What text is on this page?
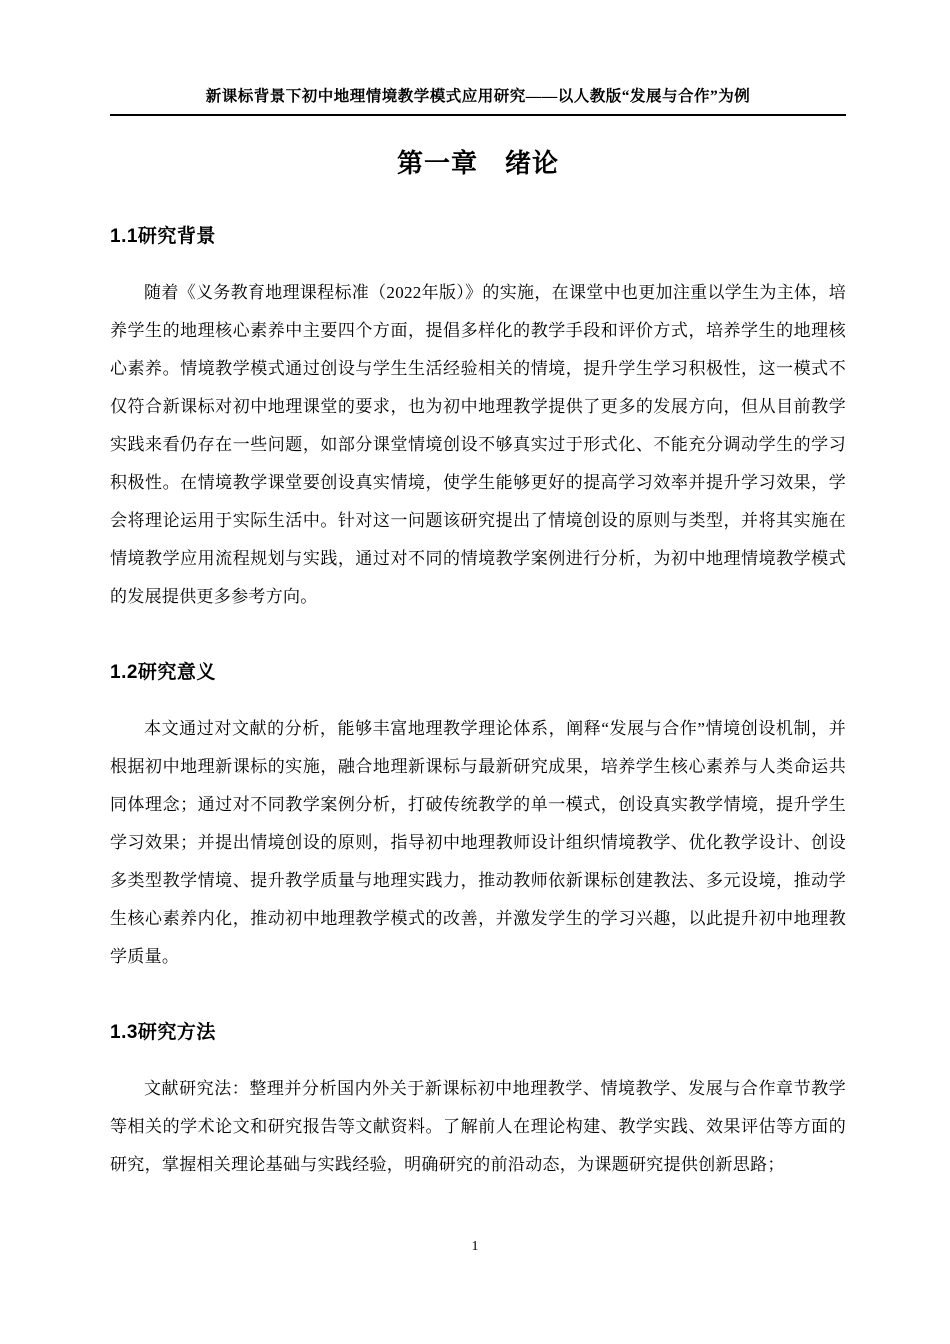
新课标背景下初中地理情境教学模式应用研究——以人教版“发展与合作”为例
第一章　绪论
1.1研究背景

随着《义务教育地理课程标准（2022年版）》的实施，在课堂中也更加注重以学生为主体，培养学生的地理核心素养中主要四个方面，提倡多样化的教学手段和评价方式，培养学生的地理核心素养。情境教学模式通过创设与学生生活经验相关的情境，提升学生学习积极性，这一模式不仅符合新课标对初中地理课堂的要求，也为初中地理教学提供了更多的发展方向，但从目前教学实践来看仍存在一些问题，如部分课堂情境创设不够真实过于形式化、不能充分调动学生的学习积极性。在情境教学课堂要创设真实情境，使学生能够更好的提高学习效率并提升学习效果，学会将理论运用于实际生活中。针对这一问题该研究提出了情境创设的原则与类型，并将其实施在情境教学应用流程规划与实践，通过对不同的情境教学案例进行分析，为初中地理情境教学模式的发展提供更多参考方向。

1.2研究意义

本文通过对文献的分析，能够丰富地理教学理论体系，阐释“发展与合作”情境创设机制，并根据初中地理新课标的实施，融合地理新课标与最新研究成果，培养学生核心素养与人类命运共同体理念；通过对不同教学案例分析，打破传统教学的单一模式，创设真实教学情境，提升学生学习效果；并提出情境创设的原则，指导初中地理教师设计组织情境教学、优化教学设计、创设多类型教学情境、提升教学质量与地理实践力，推动教师依新课标创建教法、多元设境，推动学生核心素养内化，推动初中地理教学模式的改善，并激发学生的学习兴趣，以此提升初中地理教学质量。

1.3研究方法

文献研究法：整理并分析国内外关于新课标初中地理教学、情境教学、发展与合作章节教学等相关的学术论文和研究报告等文献资料。了解前人在理论构建、教学实践、效果评估等方面的研究，掌握相关理论基础与实践经验，明确研究的前沿动态，为课题研究提供创新思路；

1
